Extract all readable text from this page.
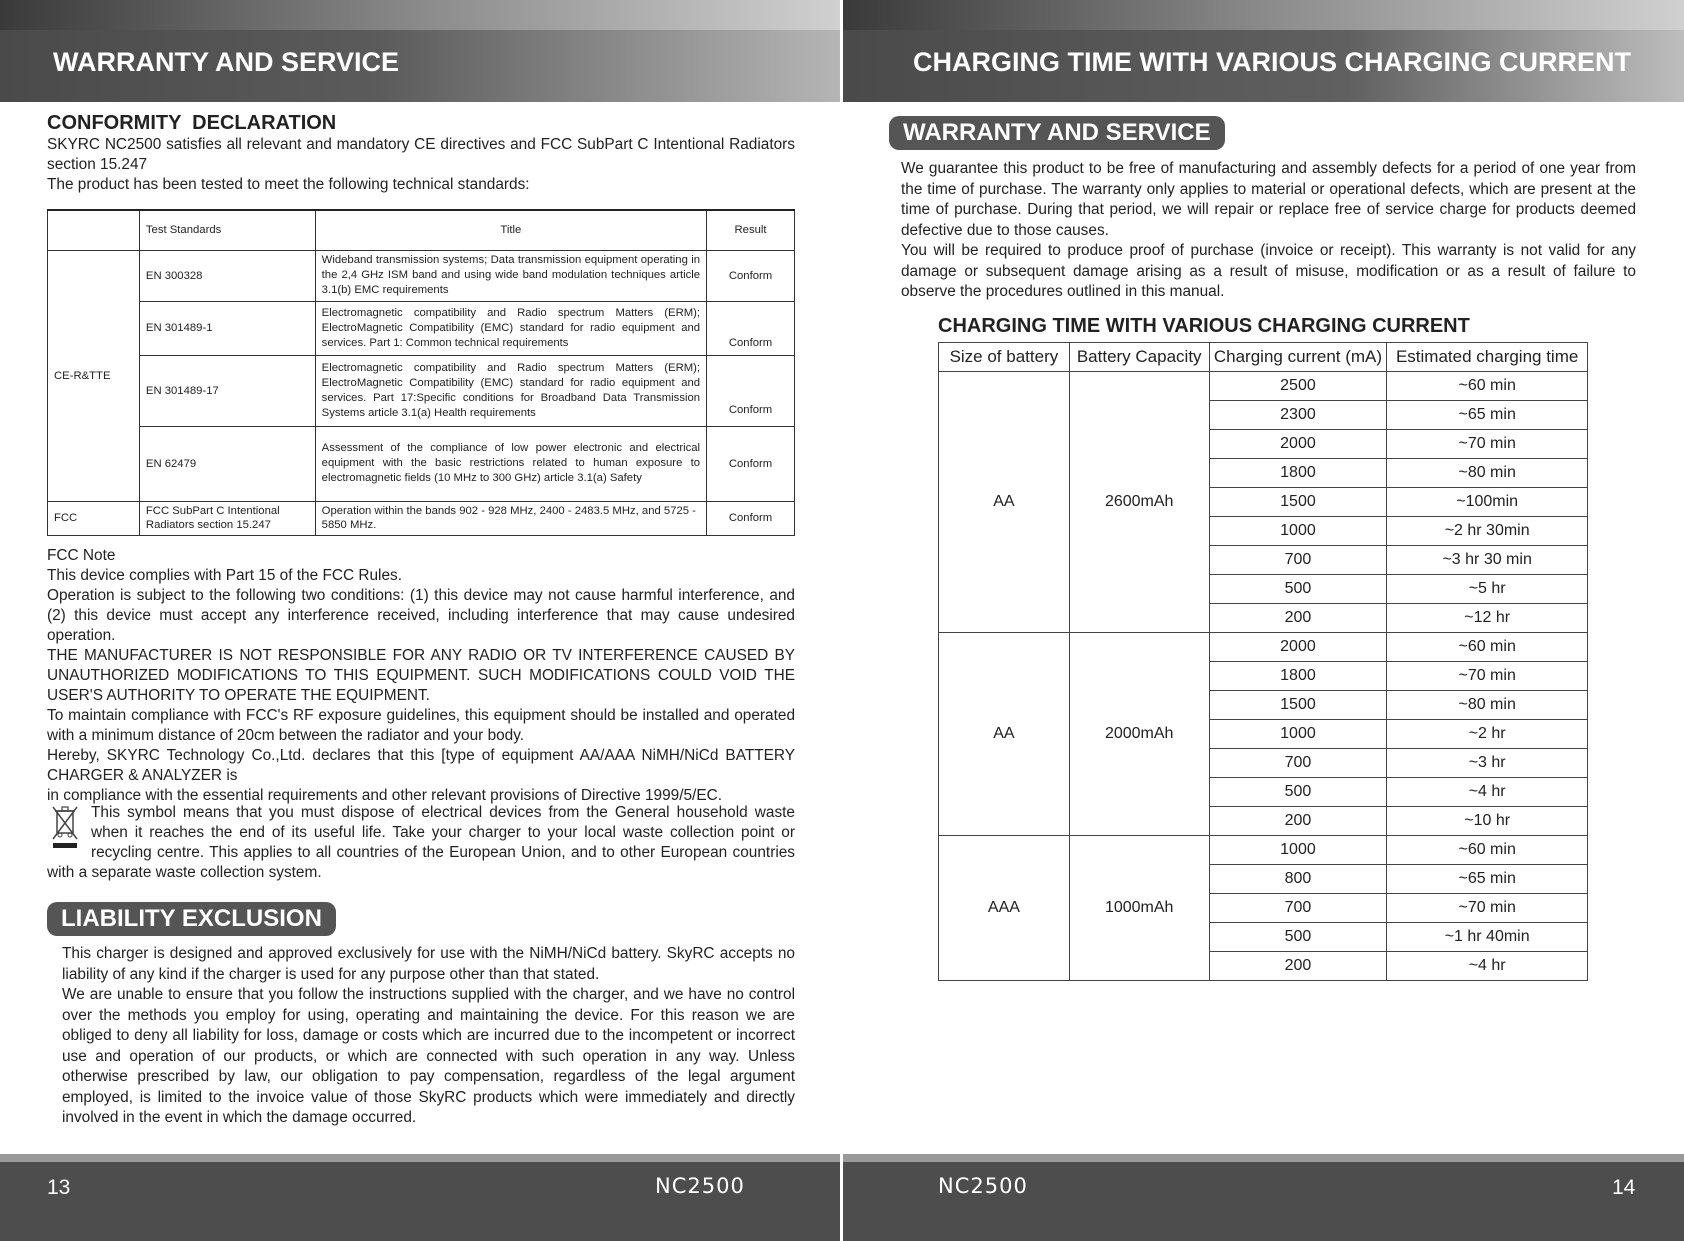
WARRANTY AND SERVICE	CHARGING TIME WITH VARIOUS CHARGING CURRENT
CONFORMITY  DECLARATION
SKYRC NC2500 satisfies all relevant and mandatory CE directives and FCC SubPart C Intentional Radiators section 15.247
The product has been tested to meet the following technical standards:
	Test Standards	Title	Result
CE-R&TTE	EN 300328	Wideband transmission systems; Data transmission equipment operating in the 2,4 GHz ISM band and using wide band modulation techniques article 3.1(b) EMC requirements	Conform
	EN 301489-1	Electromagnetic compatibility and Radio spectrum Matters (ERM); ElectroMagnetic Compatibility (EMC) standard for radio equipment and services. Part 1: Common technical requirements	Conform
	EN 301489-17	Electromagnetic compatibility and Radio spectrum Matters (ERM); ElectroMagnetic Compatibility (EMC) standard for radio equipment and services. Part 17:Specific conditions for Broadband Data Transmission Systems article 3.1(a) Health requirements	Conform
	EN 62479	Assessment of the compliance of low power electronic and electrical equipment with the basic restrictions related to human exposure to electromagnetic fields (10 MHz to 300 GHz) article 3.1(a) Safety	Conform
FCC	FCC SubPart C Intentional Radiators section 15.247	Operation within the bands 902 - 928 MHz, 2400 - 2483.5 MHz, and 5725 - 5850 MHz.	Conform
FCC Note
This device complies with Part 15 of the FCC Rules.
Operation is subject to the following two conditions: (1) this device may not cause harmful interference, and (2) this device must accept any interference received, including interference that may cause undesired operation.
THE MANUFACTURER IS NOT RESPONSIBLE FOR ANY RADIO OR TV INTERFERENCE CAUSED BY UNAUTHORIZED MODIFICATIONS TO THIS EQUIPMENT. SUCH MODIFICATIONS COULD VOID THE USER'S AUTHORITY TO OPERATE THE EQUIPMENT.
To maintain compliance with FCC's RF exposure guidelines, this equipment should be installed and operated with a minimum distance of 20cm between the radiator and your body.
Hereby, SKYRC Technology Co.,Ltd. declares that this [type of equipment AA/AAA NiMH/NiCd BATTERY CHARGER & ANALYZER is
in compliance with the essential requirements and other relevant provisions of Directive 1999/5/EC.
This symbol means that you must dispose of electrical devices from the General household waste when it reaches the end of its useful life. Take your charger to your local waste collection point or recycling centre. This applies to all countries of the European Union, and to other European countries with a separate waste collection system.
LIABILITY EXCLUSION
This charger is designed and approved exclusively for use with the NiMH/NiCd battery. SkyRC accepts no liability of any kind if the charger is used for any purpose other than that stated.
We are unable to ensure that you follow the instructions supplied with the charger, and we have no control over the methods you employ for using, operating and maintaining the device. For this reason we are obliged to deny all liability for loss, damage or costs which are incurred due to the incompetent or incorrect use and operation of our products, or which are connected with such operation in any way. Unless otherwise prescribed by law, our obligation to pay compensation, regardless of the legal argument employed, is limited to the invoice value of those SkyRC products which were immediately and directly involved in the event in which the damage occurred.
WARRANTY AND SERVICE
We guarantee this product to be free of manufacturing and assembly defects for a period of one year from the time of purchase. The warranty only applies to material or operational defects, which are present at the time of purchase. During that period, we will repair or replace free of service charge for products deemed defective due to those causes.
You will be required to produce proof of purchase (invoice or receipt). This warranty is not valid for any damage or subsequent damage arising as a result of misuse, modification or as a result of failure to observe the procedures outlined in this manual.
CHARGING TIME WITH VARIOUS CHARGING CURRENT
Size of battery	Battery Capacity	Charging current (mA)	Estimated charging time
AA	2600mAh	2500	~60 min
		2300	~65 min
		2000	~70 min
		1800	~80 min
		1500	~100min
		1000	~2 hr 30min
		700	~3 hr 30 min
		500	~5 hr
		200	~12 hr
AA	2000mAh	2000	~60 min
		1800	~70 min
		1500	~80 min
		1000	~2 hr
		700	~3 hr
		500	~4 hr
		200	~10 hr
AAA	1000mAh	1000	~60 min
		800	~65 min
		700	~70 min
		500	~1 hr 40min
		200	~4 hr
13	NC2500	NC2500	14
